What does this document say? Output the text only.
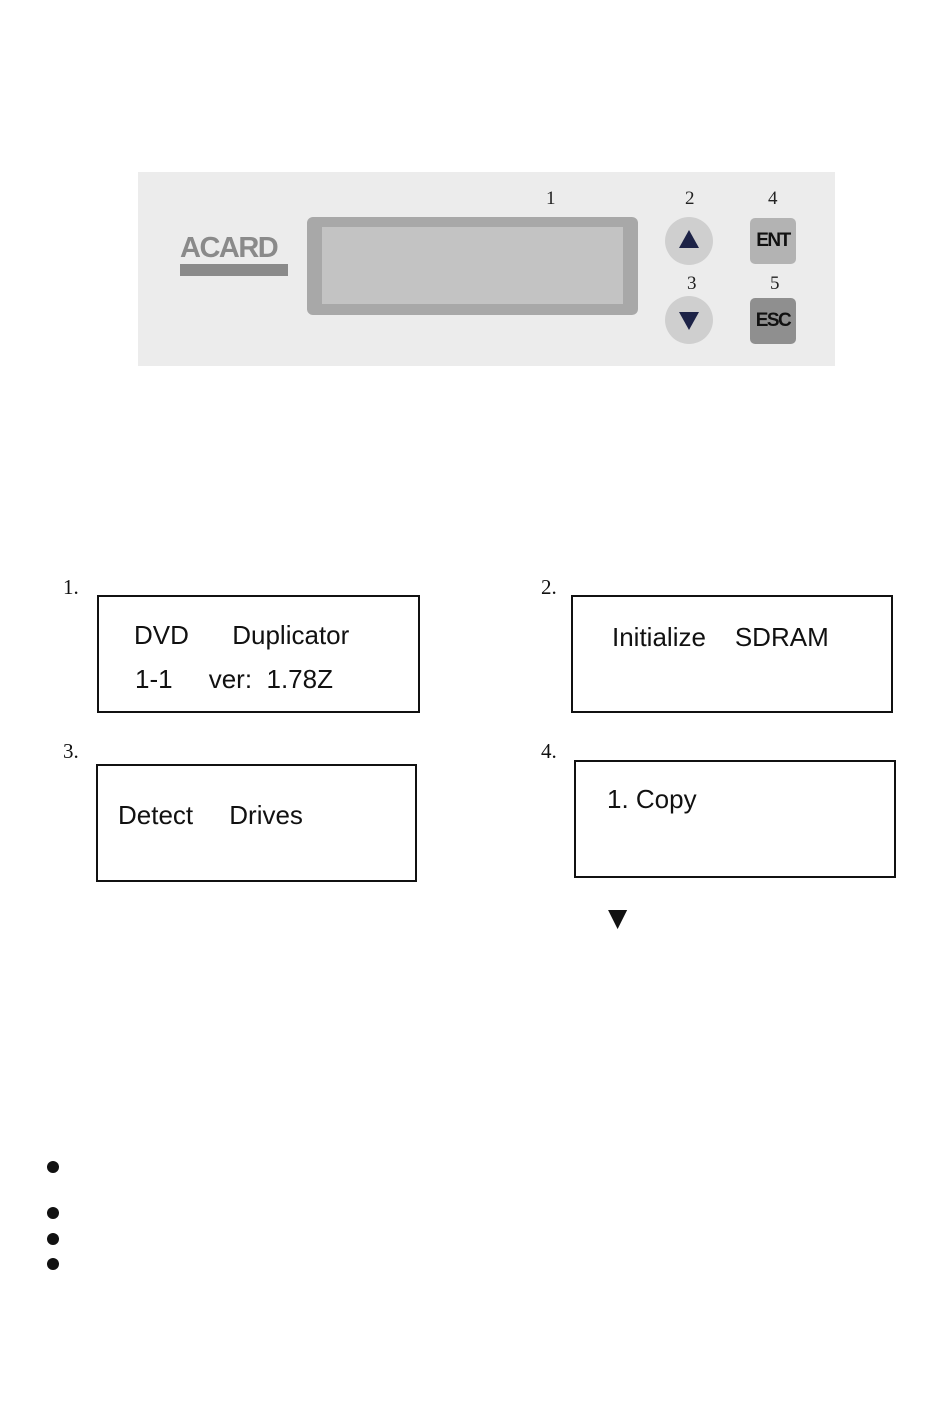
1	2
3
4
5
ACARD	ENT
ESC
1.
DVD      Duplicator
1-1     ver:  1.78Z
2.
Initialize    SDRAM
3.
Detect     Drives
4.
1. Copy
▼
